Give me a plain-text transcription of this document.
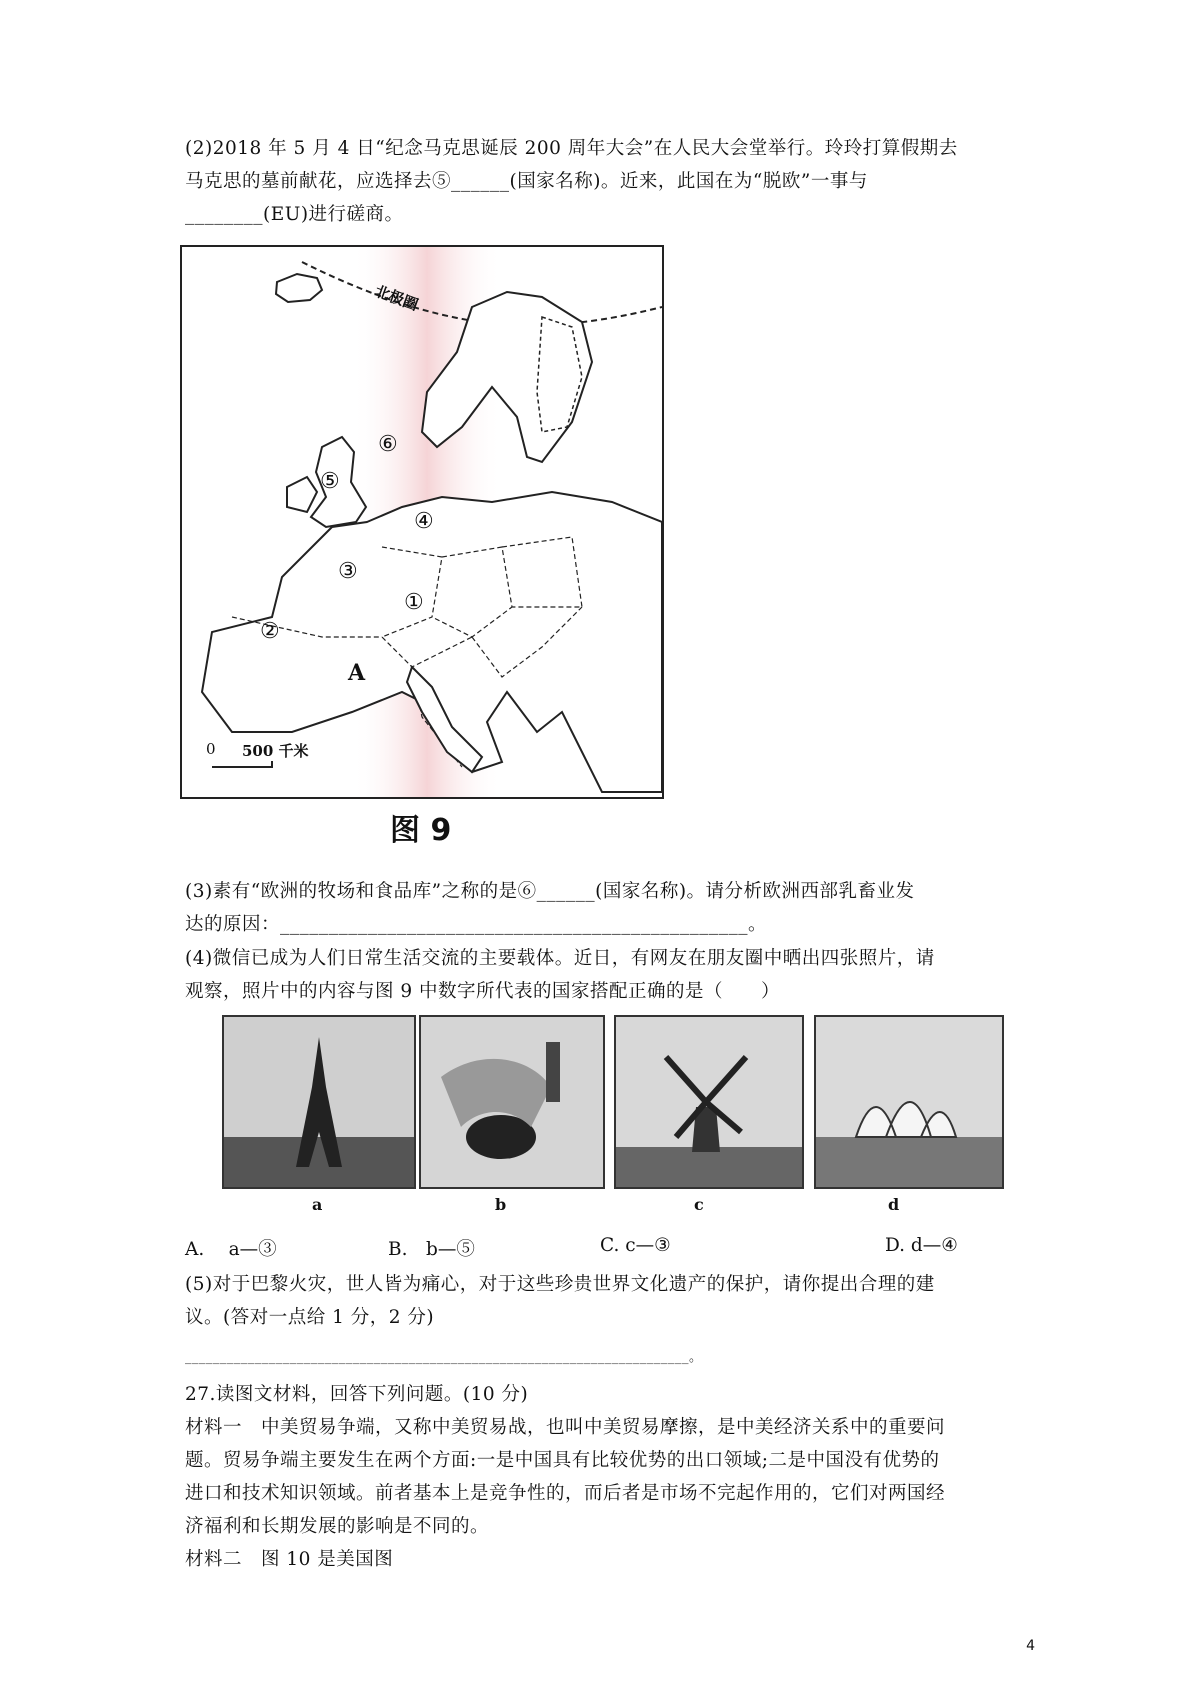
(2)2018 年 5 月 4 日“纪念马克思诞辰 200 周年大会”在人民大会堂举行。玲玲打算假期去
马克思的墓前献花，应选择去⑤______(国家名称)。近来，此国在为“脱欧”一事与
________(EU)进行磋商。
北极圈
⑥
⑤
④
③
①
②
A
0 500 千米
图 9
(3)素有“欧洲的牧场和食品库”之称的是⑥______(国家名称)。请分析欧洲西部乳畜业发
达的原因：________________________________________________。
(4)微信已成为人们日常生活交流的主要载体。近日，有网友在朋友圈中晒出四张照片，请
观察，照片中的内容与图 9 中数字所代表的国家搭配正确的是（　　）
a	b	c	d
A.　 a—③	B.　b—⑤	C. c—③	D. d—④
(5)对于巴黎火灾，世人皆为痛心，对于这些珍贵世界文化遗产的保护，请你提出合理的建
议。(答对一点给 1 分，2 分)
________________________________________________________________________。
27.读图文材料，回答下列问题。(10 分)
材料一　中美贸易争端，又称中美贸易战，也叫中美贸易摩擦，是中美经济关系中的重要问
题。贸易争端主要发生在两个方面:一是中国具有比较优势的出口领域;二是中国没有优势的
进口和技术知识领域。前者基本上是竞争性的，而后者是市场不完起作用的，它们对两国经
济福利和长期发展的影响是不同的。
材料二　图 10 是美国图
4
